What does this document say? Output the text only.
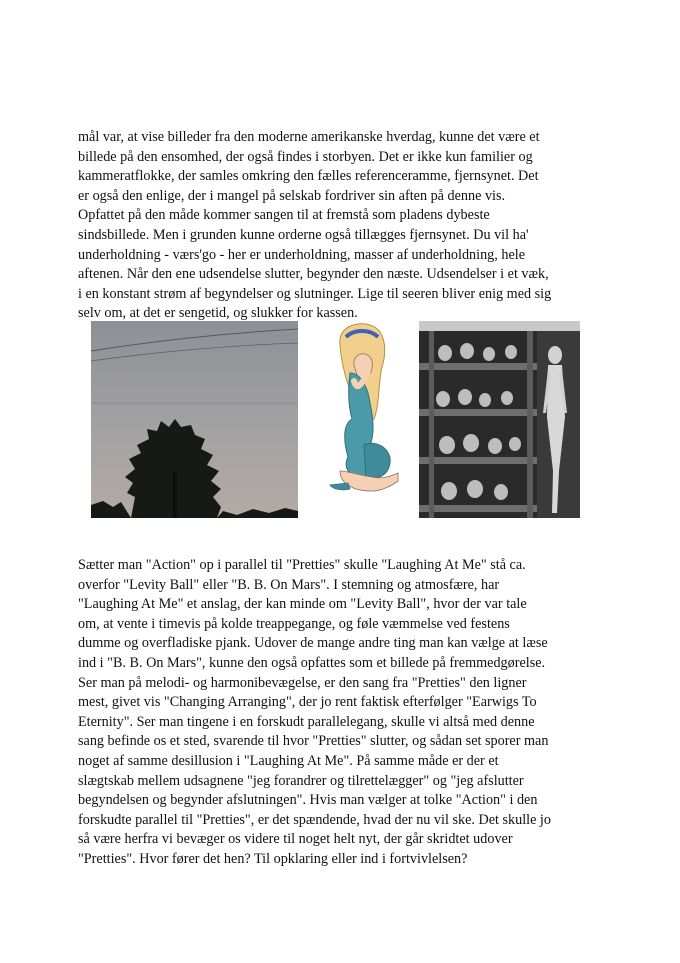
mål var, at vise billeder fra den moderne amerikanske hverdag, kunne det være et
billede på den ensomhed, der også findes i storbyen. Det er ikke kun familier og
kammeratflokke, der samles omkring den fælles referenceramme, fjernsynet. Det
er også den enlige, der i mangel på selskab fordriver sin aften på denne vis.
Opfattet på den måde kommer sangen til at fremstå som pladens dybeste
sindsbillede. Men i grunden kunne orderne også tillægges fjernsynet. Du vil ha'
underholdning - værs'go - her er underholdning, masser af underholdning, hele
aftenen. Når den ene udsendelse slutter, begynder den næste. Udsendelser i et væk,
i en konstant strøm af begyndelser og slutninger. Lige til seeren bliver enig med sig
selv om, at det er sengetid, og slukker for kassen.

Sætter man "Action" op i parallel til "Pretties" skulle "Laughing At Me" stå ca.
overfor "Levity Ball" eller "B. B. On Mars". I stemning og atmosfære, har
"Laughing At Me" et anslag, der kan minde om "Levity Ball", hvor der var tale
om, at vente i timevis på kolde treappegange, og føle væmmelse ved festens
dumme og overfladiske pjank. Udover de mange andre ting man kan vælge at læse
ind i "B. B. On Mars", kunne den også opfattes som et billede på fremmedgørelse.
Ser man på melodi- og harmonibevægelse, er den sang fra "Pretties" den ligner
mest, givet vis "Changing Arranging", der jo rent faktisk efterfølger "Earwigs To
Eternity". Ser man tingene i en forskudt parallelegang, skulle vi altså med denne
sang befinde os et sted, svarende til hvor "Pretties" slutter, og sådan set sporer man
noget af samme desillusion i "Laughing At Me". På samme måde er der et
slægtskab mellem udsagnene "jeg forandrer og tilrettelægger" og "jeg afslutter
begyndelsen og begynder afslutningen". Hvis man vælger at tolke "Action" i den
forskudte parallel til "Pretties", er det spændende, hvad der nu vil ske. Det skulle jo
så være herfra vi bevæger os videre til noget helt nyt, der går skridtet udover
"Pretties". Hvor fører det hen? Til opklaring eller ind i fortvivlelsen?
